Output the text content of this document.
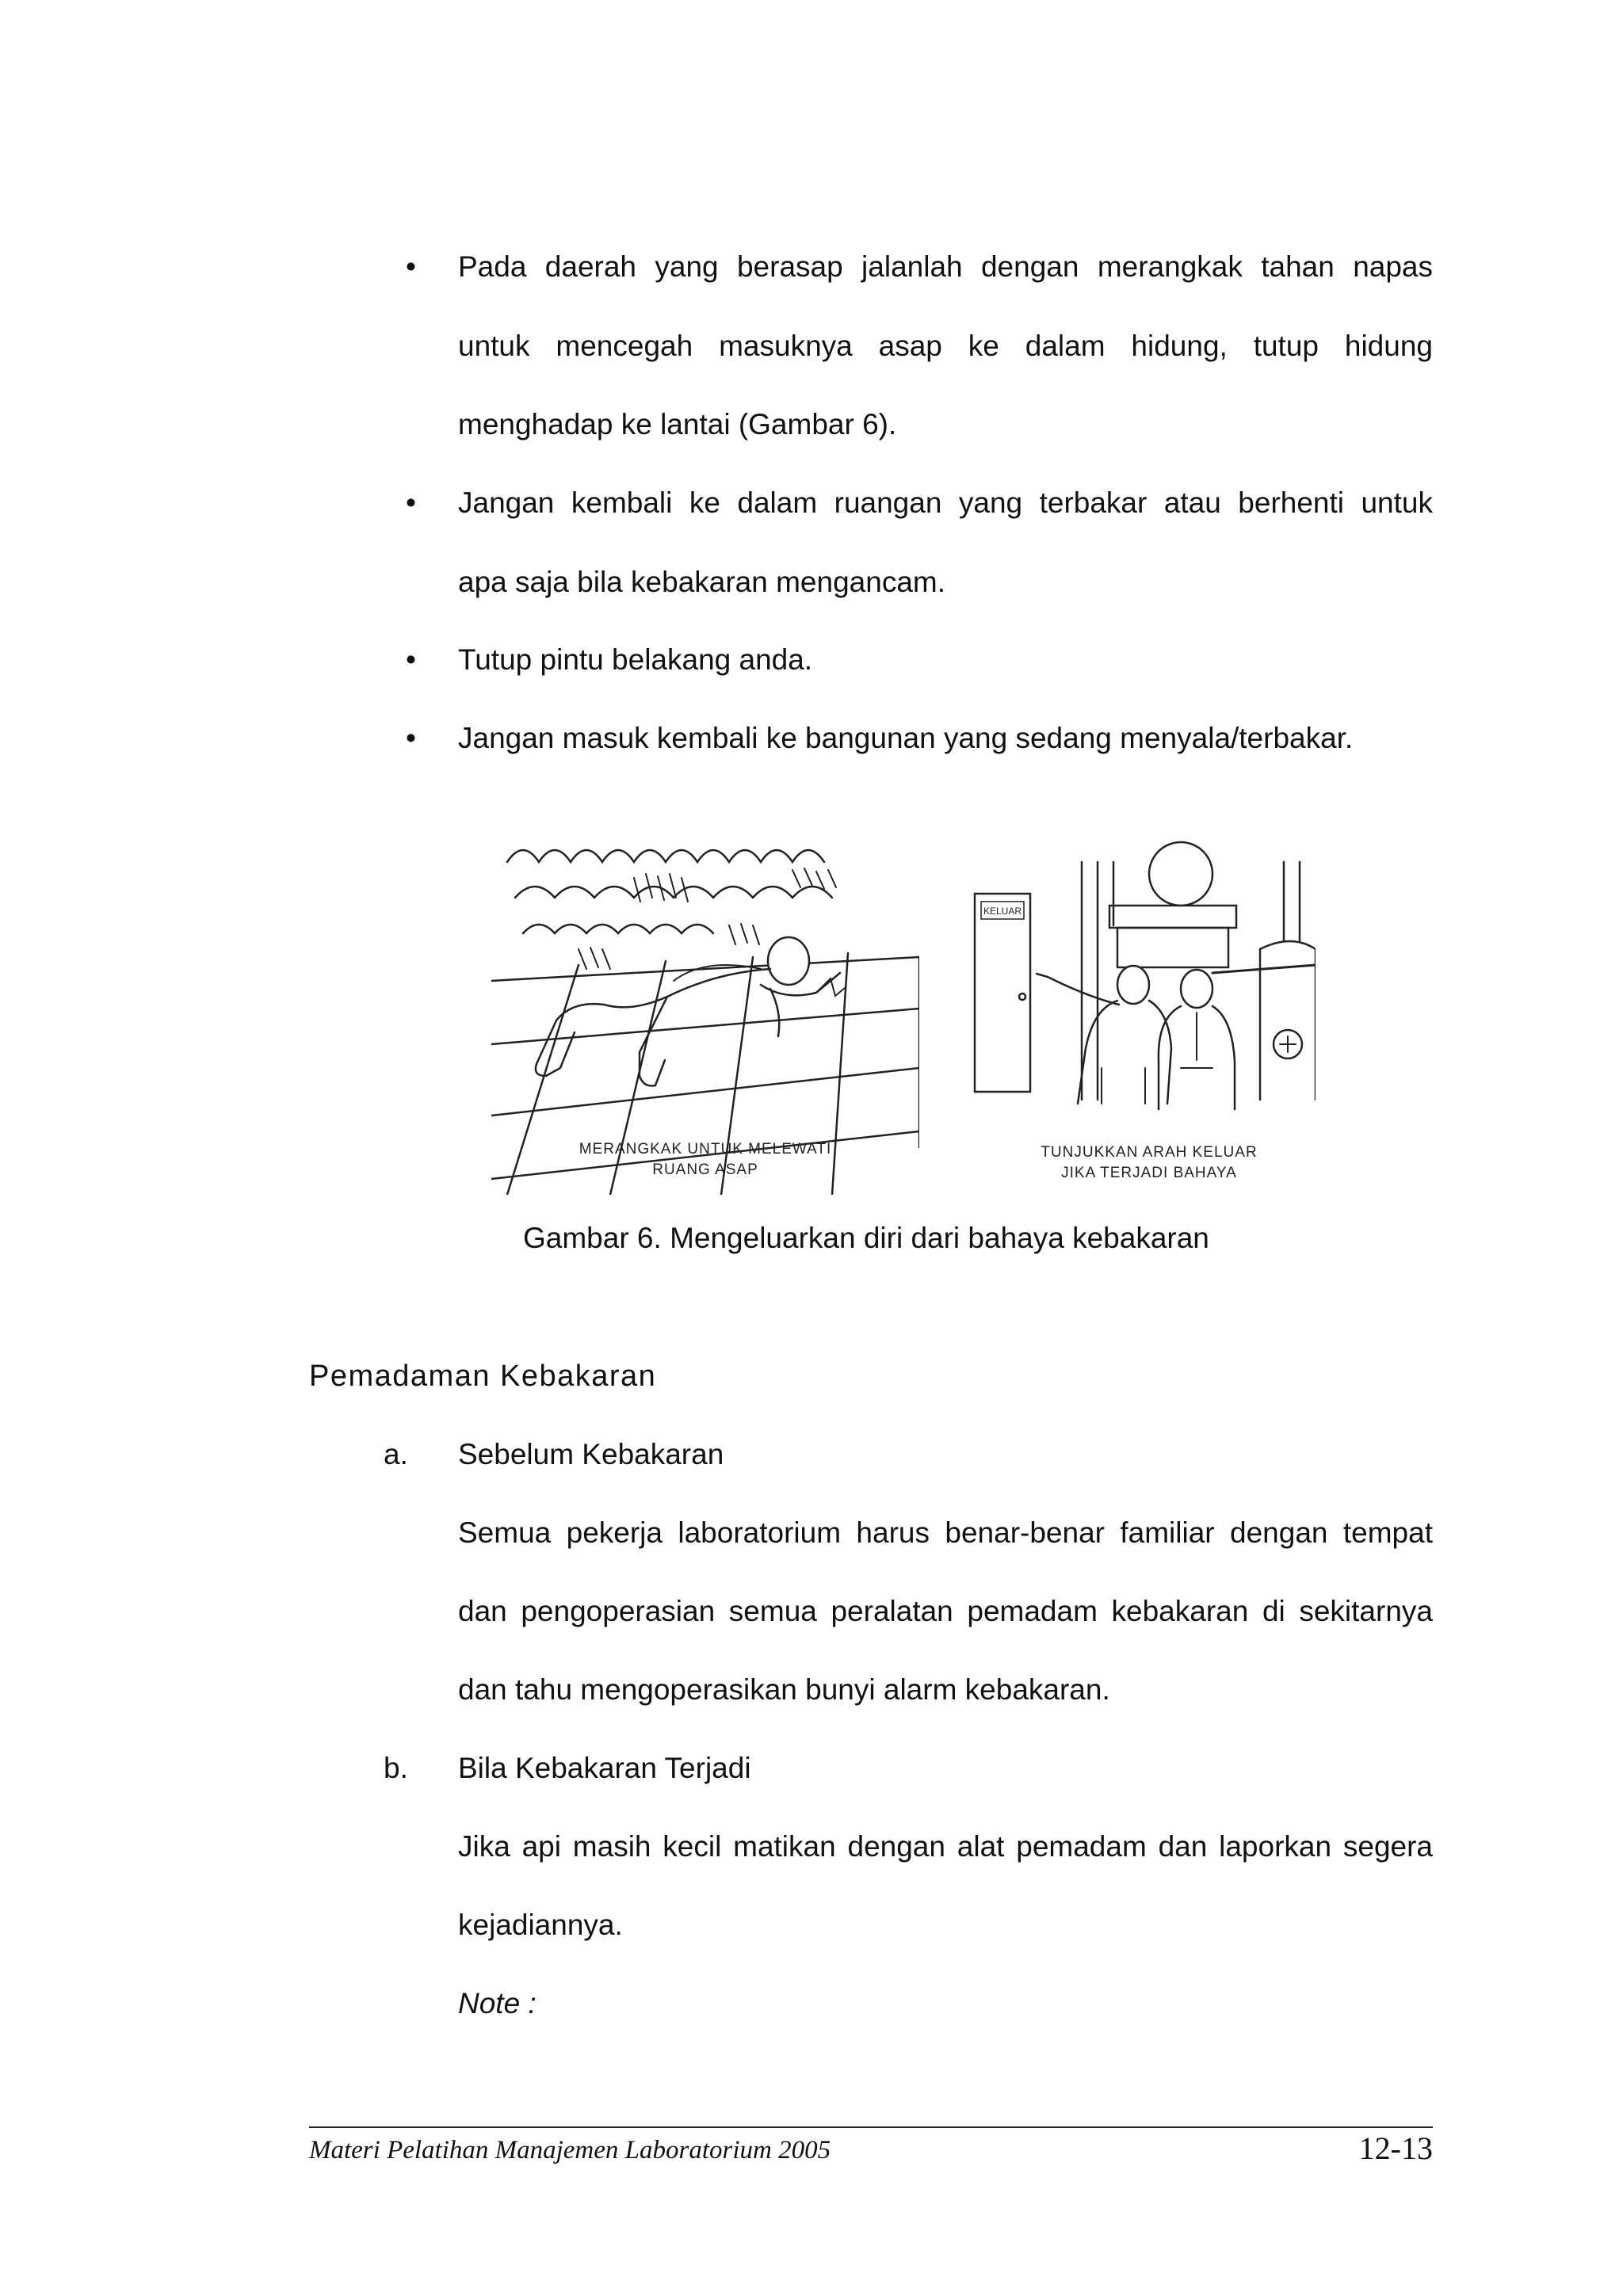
• Pada daerah yang berasap jalanlah dengan merangkak tahan napas
untuk mencegah masuknya asap ke dalam hidung, tutup hidung
menghadap ke lantai (Gambar 6).
• Jangan kembali ke dalam ruangan yang terbakar atau berhenti untuk
apa saja bila kebakaran mengancam.
• Tutup pintu belakang anda.
• Jangan masuk kembali ke bangunan yang sedang menyala/terbakar.
MERANGKAK UNTUK MELEWATI
RUANG ASAP
KELUAR
TUNJUKKAN ARAH KELUAR
JIKA TERJADI BAHAYA
Gambar 6. Mengeluarkan diri dari bahaya kebakaran
Pemadaman Kebakaran
a. Sebelum Kebakaran
Semua pekerja laboratorium harus benar-benar familiar dengan tempat
dan pengoperasian semua peralatan pemadam kebakaran di sekitarnya
dan tahu mengoperasikan bunyi alarm kebakaran.
b. Bila Kebakaran Terjadi
Jika api masih kecil matikan dengan alat pemadam dan laporkan segera
kejadiannya.
Note :
Materi Pelatihan Manajemen Laboratorium 2005	12-13
